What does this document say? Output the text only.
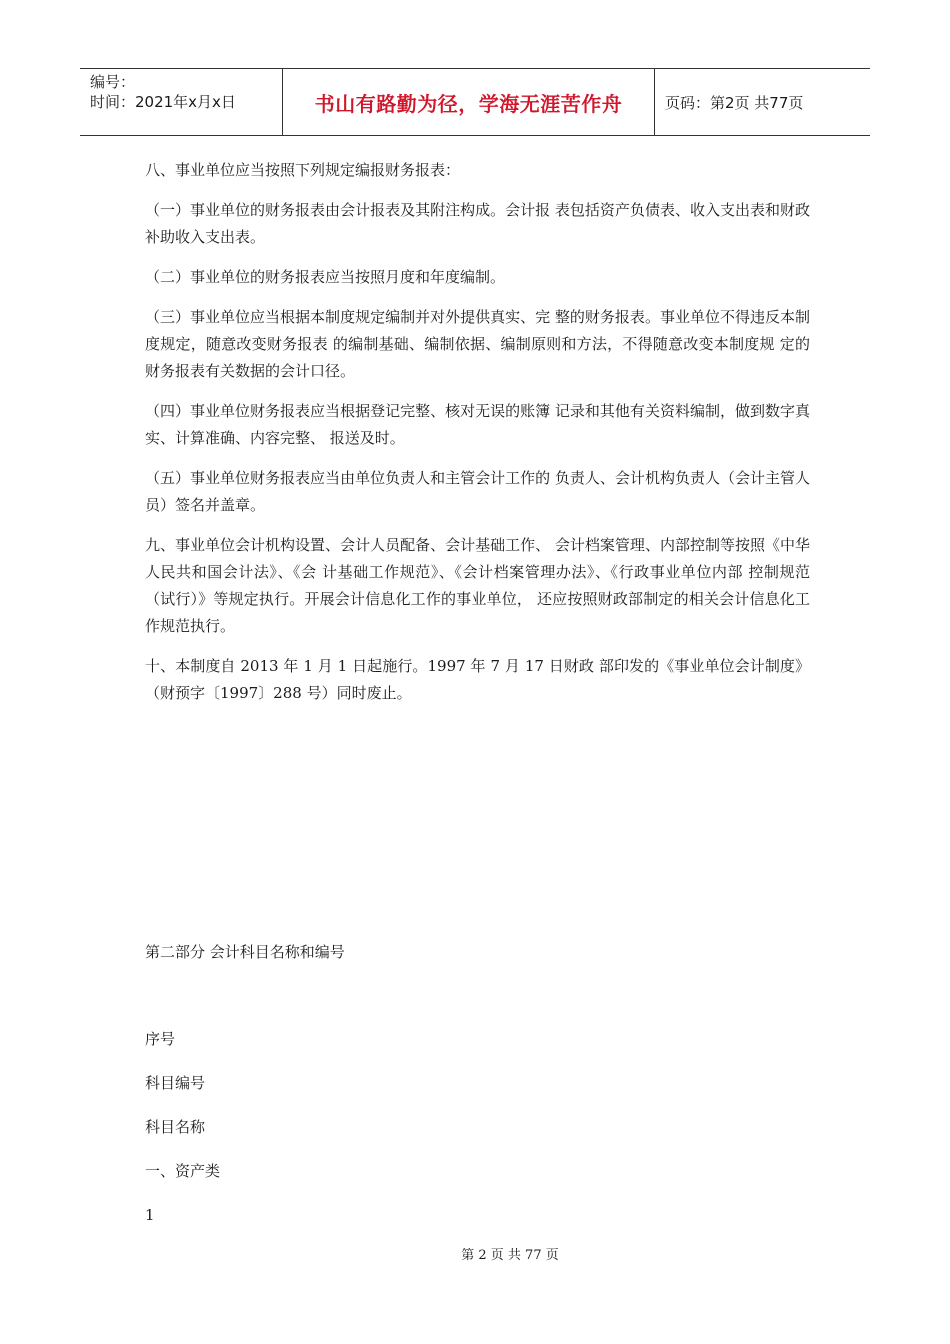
编号：
时间：2021年x月x日	书山有路勤为径，学海无涯苦作舟	页码：第2页 共77页

八、事业单位应当按照下列规定编报财务报表：

（一）事业单位的财务报表由会计报表及其附注构成。会计报 表包括资产负债表、收入支出表和财政补助收入支出表。

（二）事业单位的财务报表应当按照月度和年度编制。

（三）事业单位应当根据本制度规定编制并对外提供真实、完 整的财务报表。事业单位不得违反本制度规定，随意改变财务报表 的编制基础、编制依据、编制原则和方法，不得随意改变本制度规 定的财务报表有关数据的会计口径。

（四）事业单位财务报表应当根据登记完整、核对无误的账簿 记录和其他有关资料编制，做到数字真实、计算准确、内容完整、 报送及时。

（五）事业单位财务报表应当由单位负责人和主管会计工作的 负责人、会计机构负责人（会计主管人员）签名并盖章。

九、事业单位会计机构设置、会计人员配备、会计基础工作、 会计档案管理、内部控制等按照《中华人民共和国会计法》、《会 计基础工作规范》、《会计档案管理办法》、《行政事业单位内部 控制规范（试行）》等规定执行。开展会计信息化工作的事业单位， 还应按照财政部制定的相关会计信息化工作规范执行。

十、本制度自 2013 年 1 月 1 日起施行。1997 年 7 月 17 日财政 部印发的《事业单位会计制度》 （财预字〔1997〕288 号）同时废止。

第二部分 会计科目名称和编号
序号
科目编号
科目名称
一、资产类
1
第 2 页 共 77 页
